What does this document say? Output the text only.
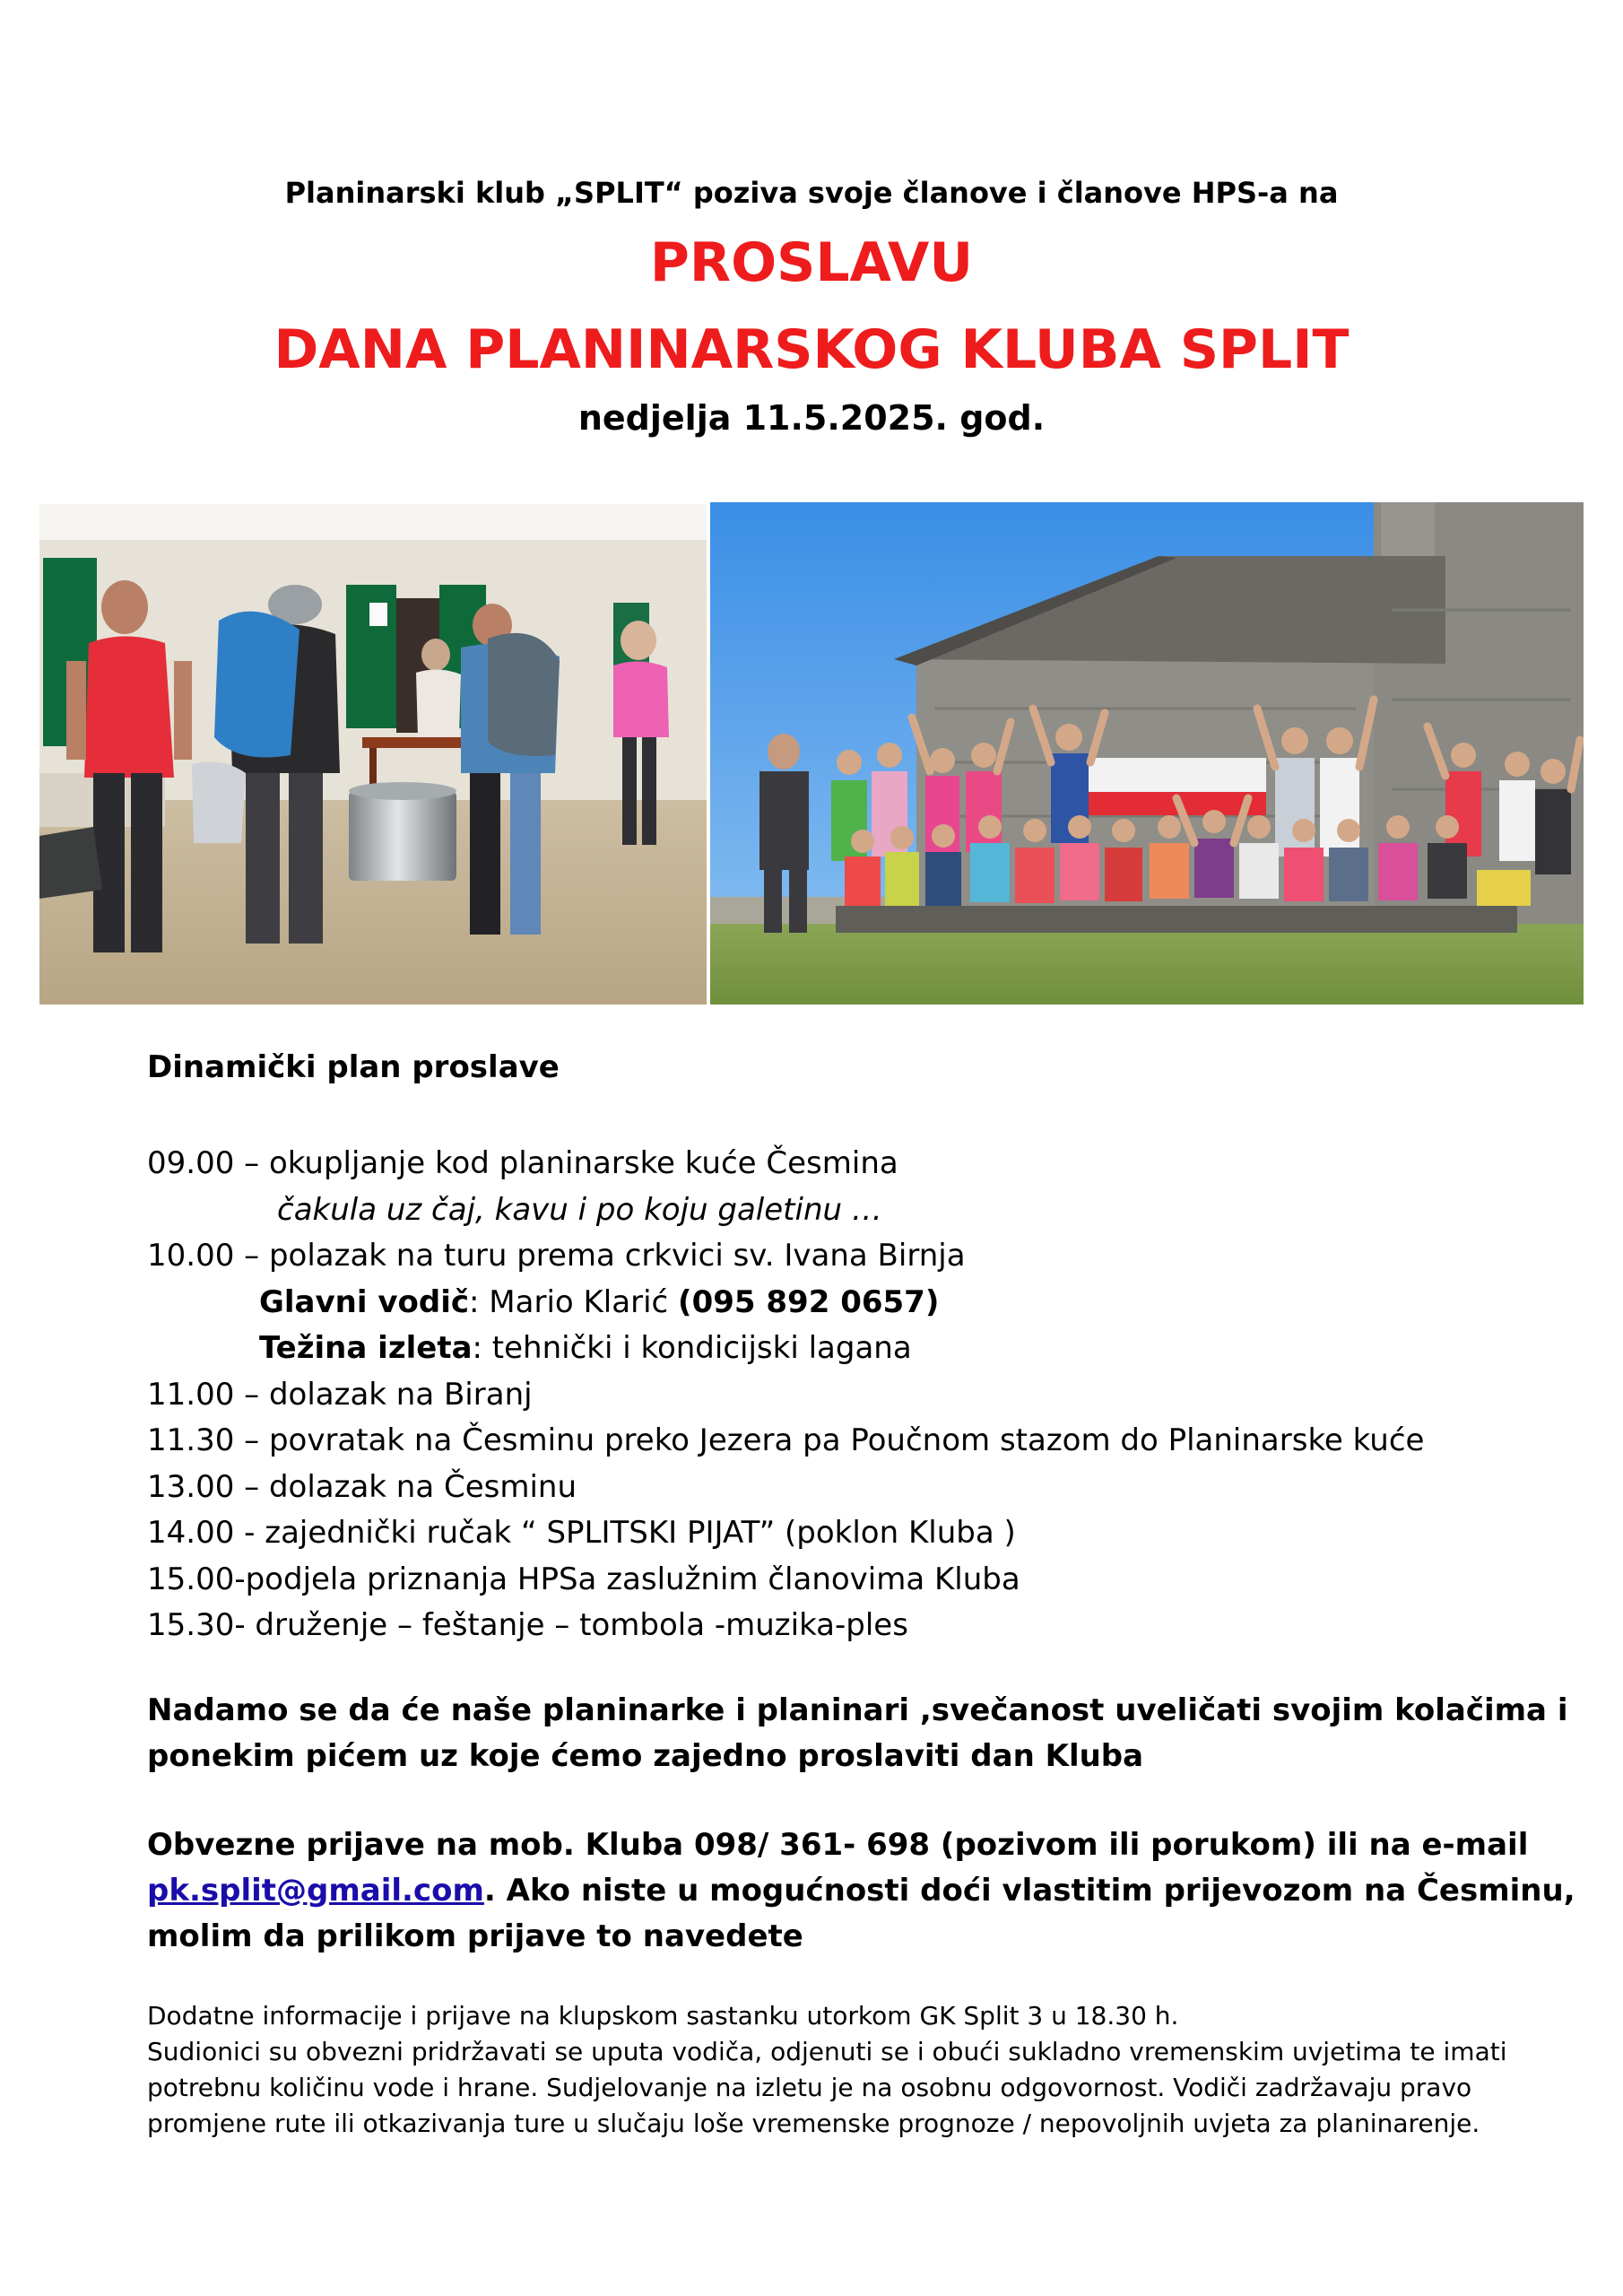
Planinarski klub „SPLIT“ poziva svoje članove i članove HPS-a na
PROSLAVU
DANA PLANINARSKOG KLUBA SPLIT
nedjelja 11.5.2025. god.
Dinamički plan proslave
09.00 – okupljanje kod planinarske kuće Česmina
čakula uz čaj, kavu i po koju galetinu …
10.00 – polazak na turu prema crkvici sv. Ivana Birnja
Glavni vodič: Mario Klarić (095 892 0657)
Težina izleta: tehnički i kondicijski lagana
11.00 – dolazak na Biranj
11.30 – povratak na Česminu preko Jezera pa Poučnom stazom do Planinarske kuće
13.00 – dolazak na Česminu
14.00 - zajednički ručak “ SPLITSKI PIJAT” (poklon Kluba )
15.00-podjela priznanja HPSa zaslužnim članovima Kluba
15.30- druženje – feštanje – tombola -muzika-ples
Nadamo se da će naše planinarke i planinari ,svečanost uveličati svojim kolačima i ponekim pićem uz koje ćemo zajedno proslaviti dan Kluba
Obvezne prijave na mob. Kluba 098/ 361- 698 (pozivom ili porukom) ili na e-mail
pk.split@gmail.com. Ako niste u mogućnosti doći vlastitim prijevozom na Česminu,
molim da prilikom prijave to navedete
Dodatne informacije i prijave na klupskom sastanku utorkom GK Split 3 u 18.30 h.
Sudionici su obvezni pridržavati se uputa vodiča, odjenuti se i obući sukladno vremenskim uvjetima te imati potrebnu količinu vode i hrane. Sudjelovanje na izletu je na osobnu odgovornost. Vodiči zadržavaju pravo promjene rute ili otkazivanja ture u slučaju loše vremenske prognoze / nepovoljnih uvjeta za planinarenje.
